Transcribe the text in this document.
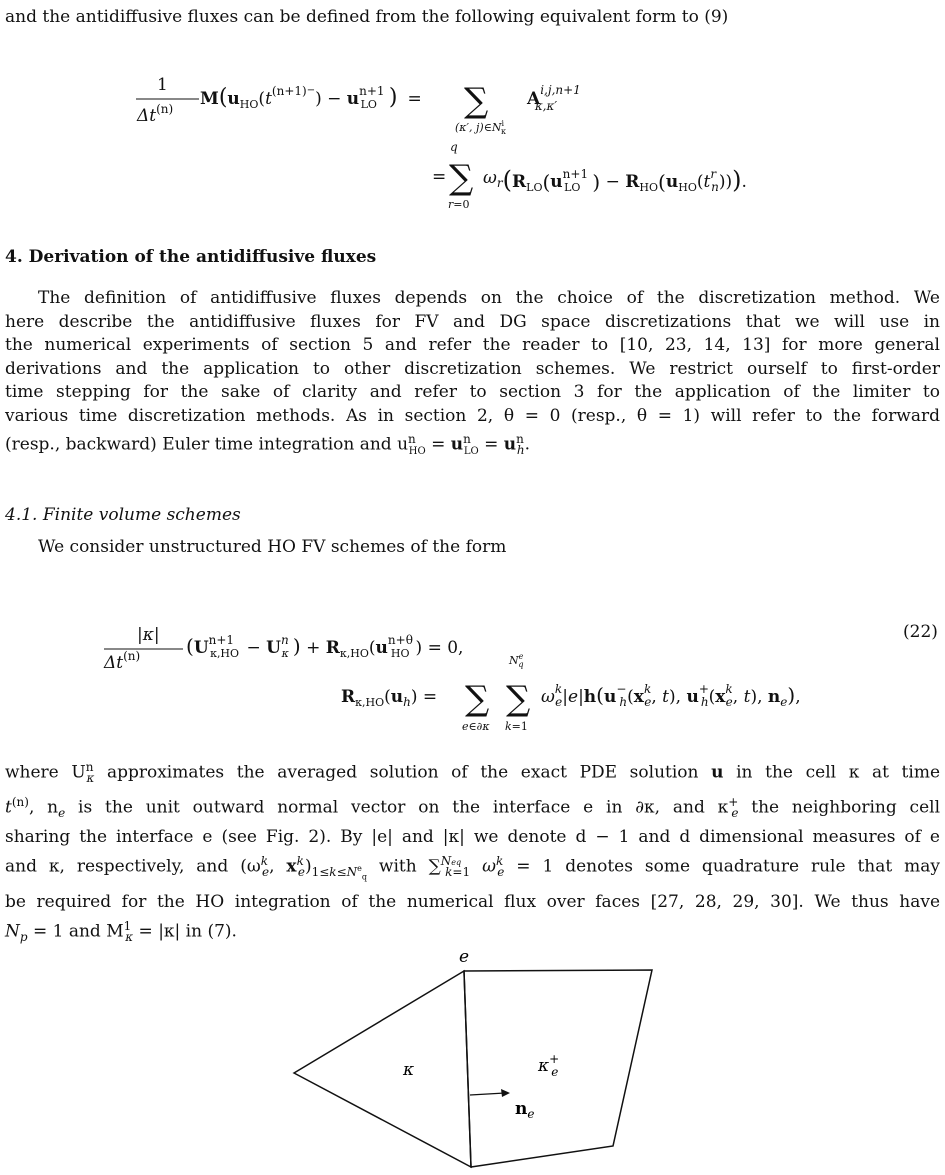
and the antidiffusive fluxes can be defined from the following equivalent form to (9)
1
$\Delta t^{(n)}$ $M(u_{HO}(t^{(n+1)}-) - u^{n+1}$ LO ) = ∑
(κ′, $j)\in N^i$ κ
$A^{i,j,n+1}$ κ,κ′
=
q
∑
r=0
$\omega_r(R_{LO}(u^{n+1}$ LO ) − $R_{HO}(u_{HO}(t^r$ n))).
|κ|
$\Delta t^{(n)}$ ($U^{n+1}$ $\kappa,HO - U^n$ κ ) + $R_{\kappa,HO}(u^{n+\theta}$ HO ) = 0,
$R_{\kappa,HO}(u_h)$ = ∑
e∈∂κ
$N^e$ q
∑
k=1
$\omega^k$ e|e|h(u− $h(x^k$ e, t), u+ $h(x^k$ e, t), $n_e$),
(22)
4. Derivation of the antidiffusive fluxes
The definition of antidiffusive fluxes depends on the choice of the discretization method. We
here describe the antidiffusive fluxes for FV and DG space discretizations that we will use in
the numerical experiments of section 5 and refer the reader to [10, 23, 14, 13] for more general
derivations and the application to other discretization schemes. We restrict ourself to first-order
time stepping for the sake of clarity and refer to section 3 for the application of the limiter to
various time discretization methods. As in section 2, θ = 0 (resp., θ = 1) will refer to the forward
(resp., backward) Euler time integration and $u^n_{HO} = u^n_{LO} = u^n_h$.
4.1. Finite volume schemes
We consider unstructured HO FV schemes of the form
where $U^n_\kappa$ approximates the averaged solution of the exact PDE solution u in the cell κ at time
$t^{(n)}$, $n_e$ is the unit outward normal vector on the interface e in ∂κ, and $\kappa^+_e$ the neighboring cell
sharing the interface e (see Fig. 2). By |e| and |κ| we denote d − 1 and d dimensional measures of e
and κ, respectively, and ($\omega^k_e$, $x^k_e)_{1\le k\le N^e_q}$ with ∑$^{Neq}_{k=1}$ $\omega^k_e = 1$ denotes some quadrature rule that may
be required for the HO integration of the numerical flux over faces [27, 28, 29, 30]. We thus have
$N_p = 1$ and $M^1_\kappa = |\kappa|$ in (7).
e
κ	κ+ e
$n_e$
